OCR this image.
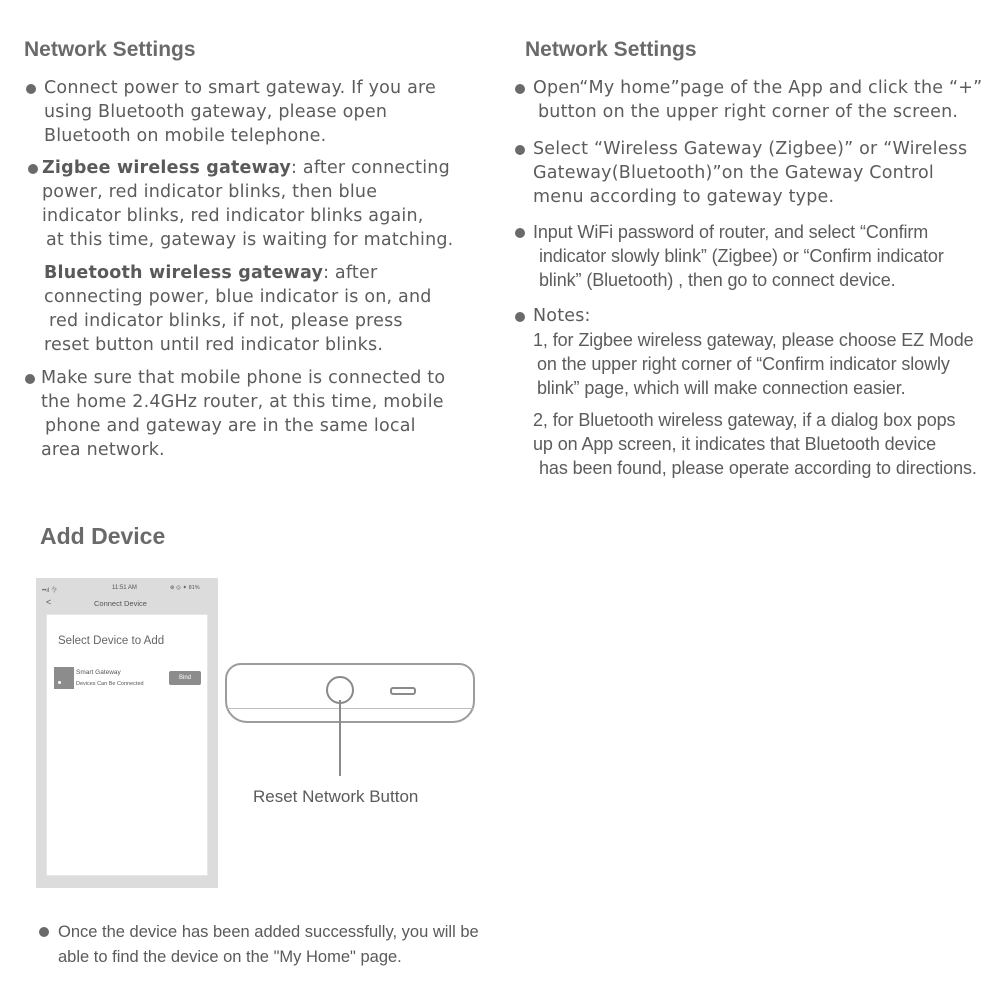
Network Settings
Connect power to smart gateway. If you are
using Bluetooth gateway, please open
Bluetooth on mobile telephone.
Zigbee wireless gateway: after connecting
power, red indicator blinks, then blue
indicator blinks, red indicator blinks again,
at this time, gateway is waiting for matching.
Bluetooth wireless gateway: after
connecting power, blue indicator is on, and
red indicator blinks, if not, please press
reset button until red indicator blinks.
Make sure that mobile phone is connected to
the home 2.4GHz router, at this time, mobile
phone and gateway are in the same local
area network.
Network Settings
Open“My home”page of the App and click the “+”
button on the upper right corner of the screen.
Select “Wireless Gateway (Zigbee)” or “Wireless
Gateway(Bluetooth)”on the Gateway Control
menu according to gateway type.
Input WiFi password of router, and select “Confirm
indicator slowly blink” (Zigbee) or “Confirm indicator
blink” (Bluetooth) , then go to connect device.
Notes:
1, for Zigbee wireless gateway, please choose EZ Mode
on the upper right corner of “Confirm indicator slowly
blink” page, which will make connection easier.
2, for Bluetooth wireless gateway, if a dialog box pops
up on App screen, it indicates that Bluetooth device
has been found, please operate according to directions.
Add Device
••ıl 令	11:51 AM	⊗ ◎ ✦ 81%
<	Connect Device
Select Device to Add
Smart Gateway
Devices Can Be Connected
Bind
Reset Network Button
Once the device has been added successfully, you will be
able to find the device on the "My Home" page.
